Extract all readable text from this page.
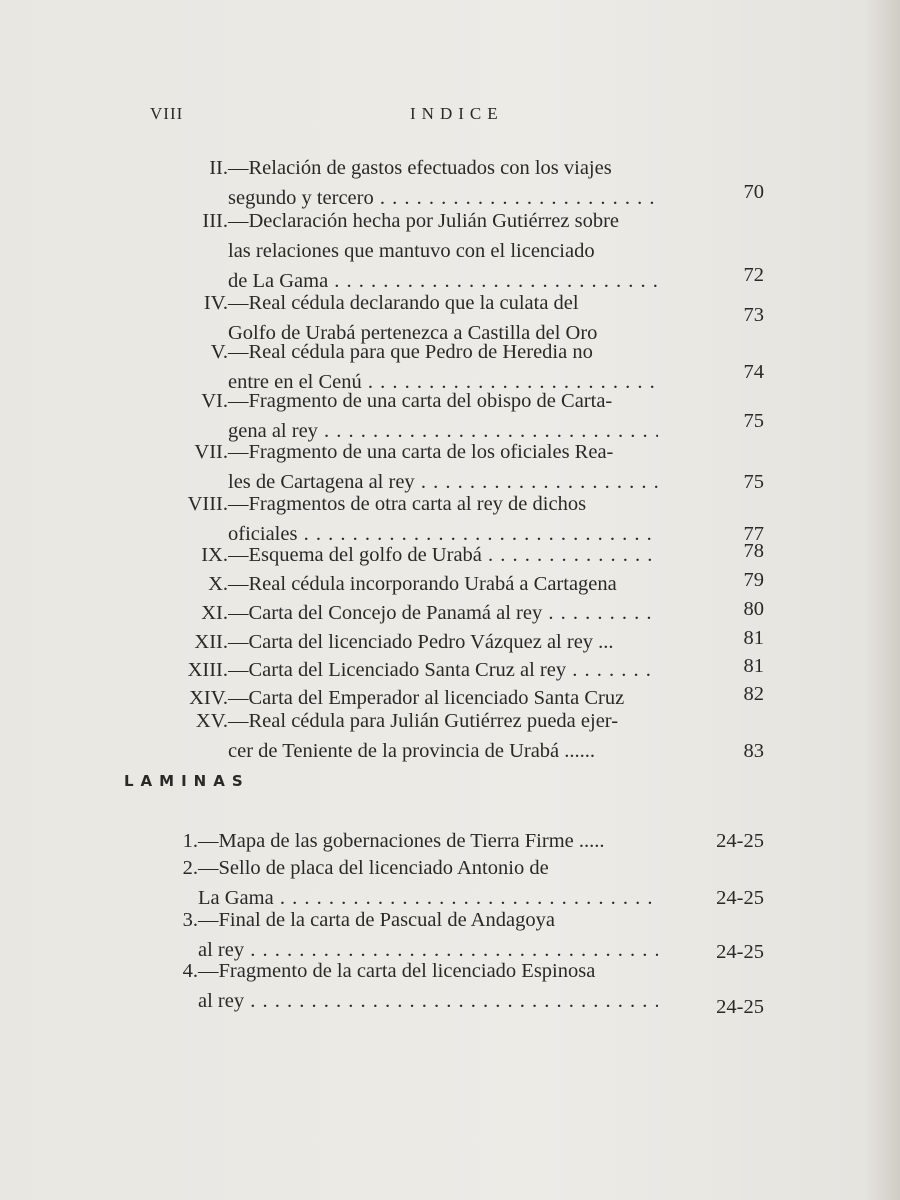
VIII	INDICE
II. —Relación de gastos efectuados con los viajes
segundo y tercero . . .	70
III. —Declaración hecha por Julián Gutiérrez sobre
las relaciones que mantuvo con el licenciado
de La Gama . . .	72
IV. —Real cédula declarando que la culata del
Golfo de Urabá pertenezca a Castilla del Oro
73
V. —Real cédula para que Pedro de Heredia no
entre en el Cenú . . .	74
VI. —Fragmento de una carta del obispo de Carta-
gena al rey . . .	75
VII. —Fragmento de una carta de los oficiales Rea-
les de Cartagena al rey . . .	75
VIII. —Fragmentos de otra carta al rey de dichos
oficiales . . .	77
IX. —Esquema del golfo de Urabá . . .	78
X. —Real cédula incorporando Urabá a Cartagena	79
XI. —Carta del Concejo de Panamá al rey . . .	80
XII. —Carta del licenciado Pedro Vázquez al rey ...	81
XIII. —Carta del Licenciado Santa Cruz al rey . . .	81
XIV. —Carta del Emperador al licenciado Santa Cruz	82
XV. —Real cédula para Julián Gutiérrez pueda ejer-
cer de Teniente de la provincia de Urabá ......	83
LAMINAS
1. —Mapa de las gobernaciones de Tierra Firme .....	24-25
2. —Sello de placa del licenciado Antonio de
La Gama . . .	24-25
3. —Final de la carta de Pascual de Andagoya
al rey . . .	24-25
4. —Fragmento de la carta del licenciado Espinosa
al rey . . .	24-25
